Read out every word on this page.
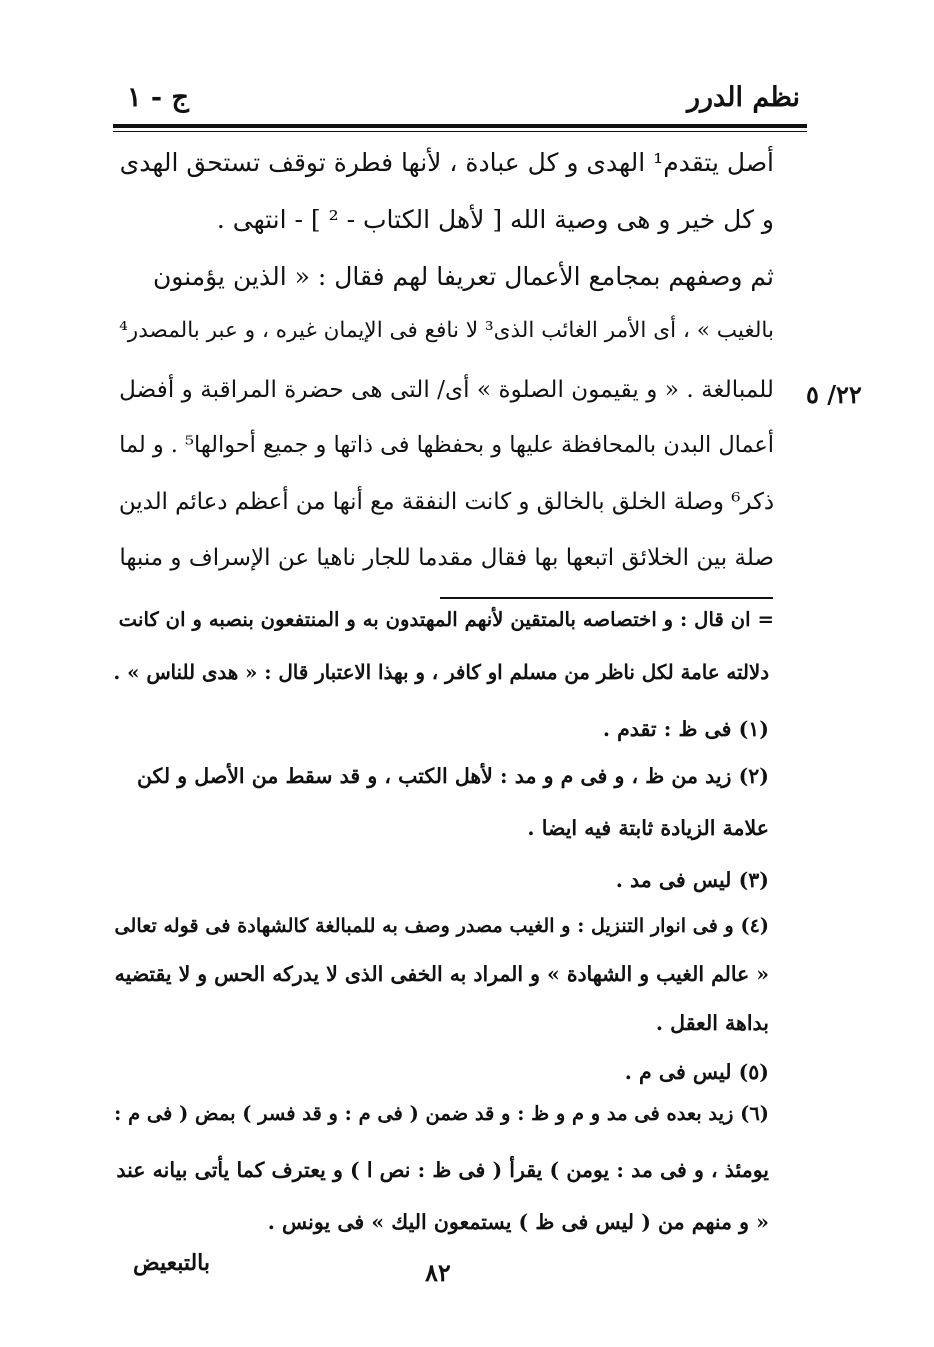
نظم الدرر
ج - ١
٢٢/ ٥
أصل يتقدم¹ الهدى و كل عبادة ، لأنها فطرة توقف تستحق الهدى
و كل خير و هى وصية الله [ لأهل الكتاب - ² ] - انتهى .
ثم وصفهم بمجامع الأعمال تعريفا لهم فقال : « الذين يؤمنون
بالغيب » ، أى الأمر الغائب الذى³ لا نافع فى الإيمان غيره ، و عبر بالمصدر⁴
للمبالغة . « و يقيمون الصلوة » أى/ التى هى حضرة المراقبة و أفضل
أعمال البدن بالمحافظة عليها و بحفظها فى ذاتها و جميع أحوالها⁵ . و لما
ذكر⁶ وصلة الخلق بالخالق و كانت النفقة مع أنها من أعظم دعائم الدين
صلة بين الخلائق اتبعها بها فقال مقدما للجار ناهيا عن الإسراف و منبها
= ان قال : و اختصاصه بالمتقين لأنهم المهتدون به و المنتفعون بنصبه و ان كانت
دلالته عامة لكل ناظر من مسلم او كافر ، و بهذا الاعتبار قال : « هدى للناس » .
(١) فى ظ : تقدم .
(٢) زيد من ظ ، و فى م و مد : لأهل الكتب ، و قد سقط من الأصل و لكن
علامة الزيادة ثابتة فيه ايضا .
(٣) ليس فى مد .
(٤) و فى انوار التنزيل : و الغيب مصدر وصف به للمبالغة كالشهادة فى قوله تعالى
« عالم الغيب و الشهادة » و المراد به الخفى الذى لا يدركه الحس و لا يقتضيه
بداهة العقل .
(٥) ليس فى م .
(٦) زيد بعده فى مد و م و ظ : و قد ضمن ( فى م : و قد فسر ) بمض ( فى م :
يومئذ ، و فى مد : يومن ) يقرأ ( فى ظ : نص ا ) و يعترف كما يأتى بيانه عند
« و منهم من ( ليس فى ظ ) يستمعون اليك » فى يونس .
بالتبعيض	٨٢
